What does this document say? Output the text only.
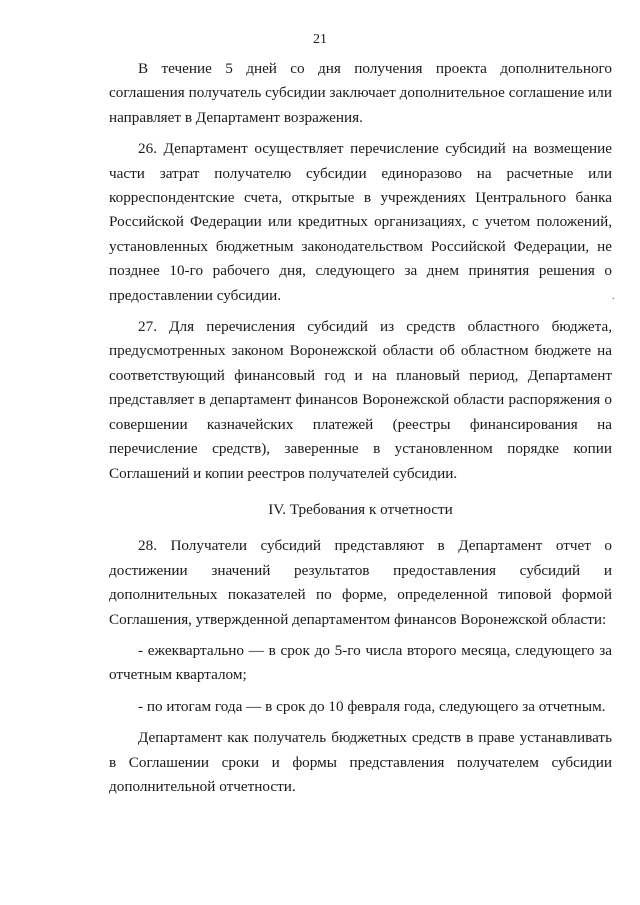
21
.

В течение 5 дней со дня получения проекта дополнительного соглашения получатель субсидии заключает дополнительное соглашение или направляет в Департамент возражения.

26. Департамент осуществляет перечисление субсидий на возмещение части затрат получателю субсидии единоразово на расчетные или корреспондентские счета, открытые в учреждениях Центрального банка Российской Федерации или кредитных организациях, с учетом положений, установленных бюджетным законодательством Российской Федерации, не позднее 10-го рабочего дня, следующего за днем принятия решения о предоставлении субсидии.

27. Для перечисления субсидий из средств областного бюджета, предусмотренных законом Воронежской области об областном бюджете на соответствующий финансовый год и на плановый период, Департамент представляет в департамент финансов Воронежской области распоряжения о совершении казначейских платежей (реестры финансирования на перечисление средств), заверенные в установленном порядке копии Соглашений и копии реестров получателей субсидии.

IV. Требования к отчетности

28. Получатели субсидий представляют в Департамент отчет о достижении значений результатов предоставления субсидий и дополнительных показателей по форме, определенной типовой формой Соглашения, утвержденной департаментом финансов Воронежской области:

- ежеквартально — в срок до 5-го числа второго месяца, следующего за отчетным кварталом;

- по итогам года — в срок до 10 февраля года, следующего за отчетным.

Департамент как получатель бюджетных средств в праве устанавливать в Соглашении сроки и формы представления получателем субсидии дополнительной отчетности.
